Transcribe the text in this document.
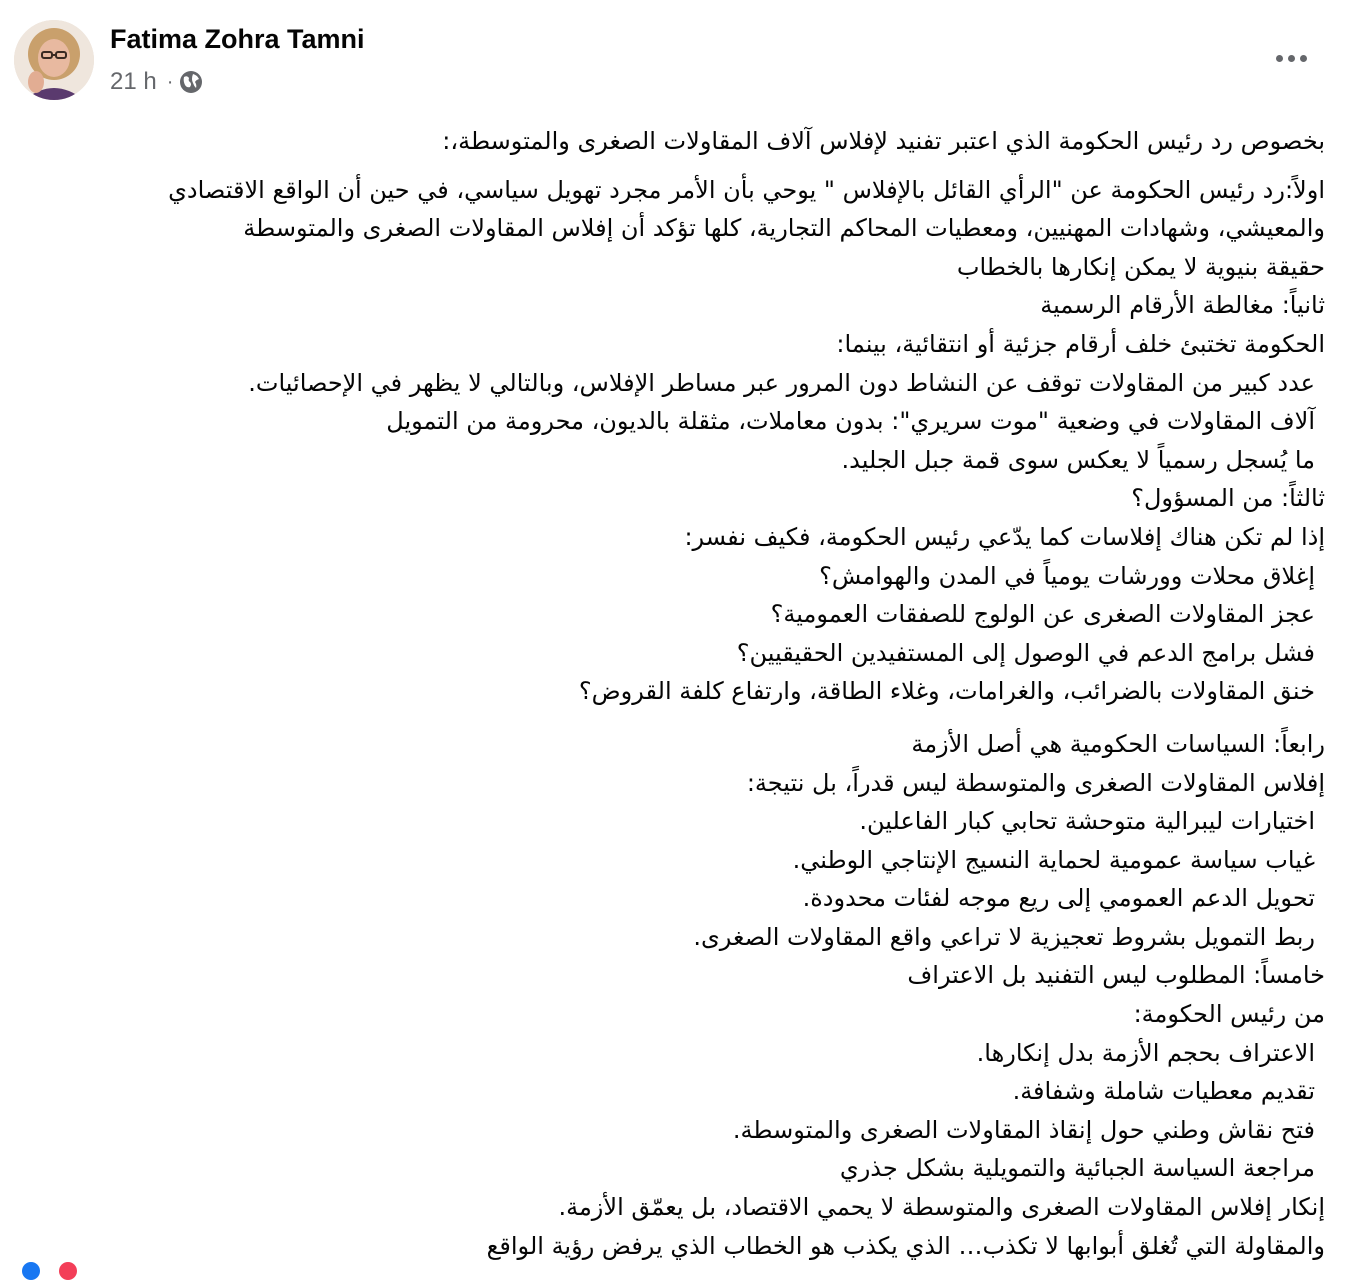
Fatima Zohra Tamni
21 h ·
بخصوص رد رئيس الحكومة الذي اعتبر تفنيد لإفلاس آلاف المقاولات الصغرى والمتوسطة،:
اولاً:رد رئيس الحكومة عن "الرأي القائل بالإفلاس " يوحي بأن الأمر مجرد تهويل سياسي، في حين أن الواقع الاقتصادي
والمعيشي، وشهادات المهنيين، ومعطيات المحاكم التجارية، كلها تؤكد أن إفلاس المقاولات الصغرى والمتوسطة
حقيقة بنيوية لا يمكن إنكارها بالخطاب
ثانياً: مغالطة الأرقام الرسمية
الحكومة تختبئ خلف أرقام جزئية أو انتقائية، بينما:
عدد كبير من المقاولات توقف عن النشاط دون المرور عبر مساطر الإفلاس، وبالتالي لا يظهر في الإحصائيات.
آلاف المقاولات في وضعية "موت سريري": بدون معاملات، مثقلة بالديون، محرومة من التمويل
ما يُسجل رسمياً لا يعكس سوى قمة جبل الجليد.
ثالثاً: من المسؤول؟
إذا لم تكن هناك إفلاسات كما يدّعي رئيس الحكومة، فكيف نفسر:
إغلاق محلات وورشات يومياً في المدن والهوامش؟
عجز المقاولات الصغرى عن الولوج للصفقات العمومية؟
فشل برامج الدعم في الوصول إلى المستفيدين الحقيقيين؟
خنق المقاولات بالضرائب، والغرامات، وغلاء الطاقة، وارتفاع كلفة القروض؟
رابعاً: السياسات الحكومية هي أصل الأزمة
إفلاس المقاولات الصغرى والمتوسطة ليس قدراً، بل نتيجة:
اختيارات ليبرالية متوحشة تحابي كبار الفاعلين.
غياب سياسة عمومية لحماية النسيج الإنتاجي الوطني.
تحويل الدعم العمومي إلى ريع موجه لفئات محدودة.
ربط التمويل بشروط تعجيزية لا تراعي واقع المقاولات الصغرى.
خامساً: المطلوب ليس التفنيد بل الاعتراف
من رئيس الحكومة:
الاعتراف بحجم الأزمة بدل إنكارها.
تقديم معطيات شاملة وشفافة.
فتح نقاش وطني حول إنقاذ المقاولات الصغرى والمتوسطة.
مراجعة السياسة الجبائية والتمويلية بشكل جذري
إنكار إفلاس المقاولات الصغرى والمتوسطة لا يحمي الاقتصاد، بل يعمّق الأزمة.
والمقاولة التي تُغلق أبوابها لا تكذب… الذي يكذب هو الخطاب الذي يرفض رؤية الواقع
